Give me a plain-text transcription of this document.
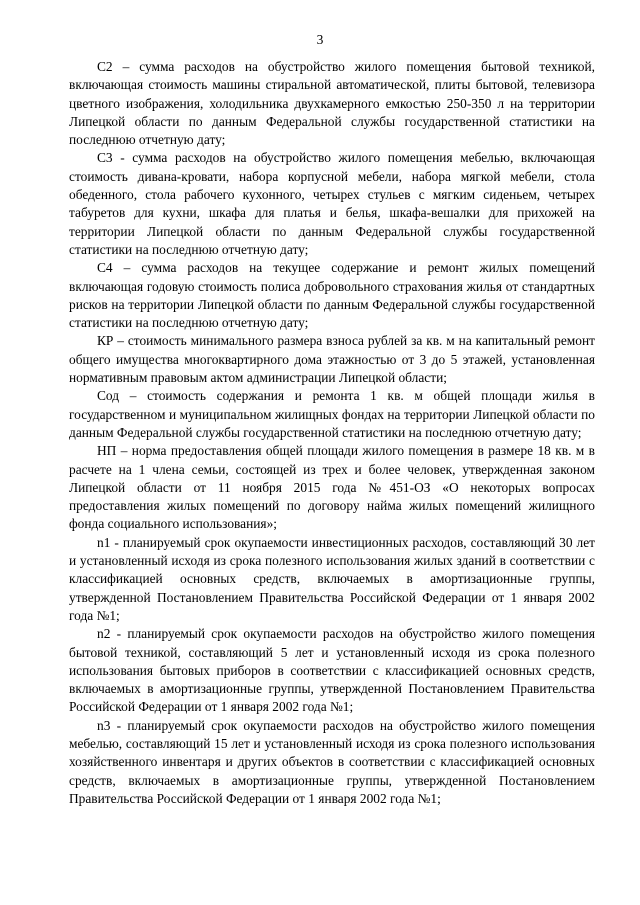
3

С2 – сумма расходов на обустройство жилого помещения бытовой техникой, включающая стоимость машины стиральной автоматической, плиты бытовой, телевизора цветного изображения, холодильника двухкамерного емкостью 250-350 л на территории Липецкой области по данным Федеральной службы государственной статистики на последнюю отчетную дату;

С3 - сумма расходов на обустройство жилого помещения мебелью, включающая стоимость дивана-кровати, набора корпусной мебели, набора мягкой мебели, стола обеденного, стола рабочего кухонного, четырех стульев с мягким сиденьем, четырех табуретов для кухни, шкафа для платья и белья, шкафа-вешалки для прихожей на территории Липецкой области по данным Федеральной службы государственной статистики на последнюю отчетную дату;

С4 – сумма расходов на текущее содержание и ремонт жилых помещений включающая годовую стоимость полиса добровольного страхования жилья от стандартных рисков на территории Липецкой области по данным Федеральной службы государственной статистики на последнюю отчетную дату;

КР – стоимость минимального размера взноса рублей за кв. м на капитальный ремонт общего имущества многоквартирного дома этажностью от 3 до 5 этажей, установленная нормативным правовым актом администрации Липецкой области;

Сод – стоимость содержания и ремонта 1 кв. м общей площади жилья в государственном и муниципальном жилищных фондах на территории Липецкой области по данным Федеральной службы государственной статистики на последнюю отчетную дату;

НП – норма предоставления общей площади жилого помещения в размере 18 кв. м в расчете на 1 члена семьи, состоящей из трех и более человек, утвержденная законом Липецкой области от 11 ноября 2015 года №451-ОЗ «О некоторых вопросах предоставления жилых помещений по договору найма жилых помещений жилищного фонда социального использования»;

n1 - планируемый срок окупаемости инвестиционных расходов, составляющий 30 лет и установленный исходя из срока полезного использования жилых зданий в соответствии с классификацией основных средств, включаемых в амортизационные группы, утвержденной Постановлением Правительства Российской Федерации от 1 января 2002 года №1;

n2 - планируемый срок окупаемости расходов на обустройство жилого помещения бытовой техникой, составляющий 5 лет и установленный исходя из срока полезного использования бытовых приборов в соответствии с классификацией основных средств, включаемых в амортизационные группы, утвержденной Постановлением Правительства Российской Федерации от 1 января 2002 года №1;

n3 - планируемый срок окупаемости расходов на обустройство жилого помещения мебелью, составляющий 15 лет и установленный исходя из срока полезного использования хозяйственного инвентаря и других объектов в соответствии с классификацией основных средств, включаемых в амортизационные группы, утвержденной Постановлением Правительства Российской Федерации от 1 января 2002 года №1;
